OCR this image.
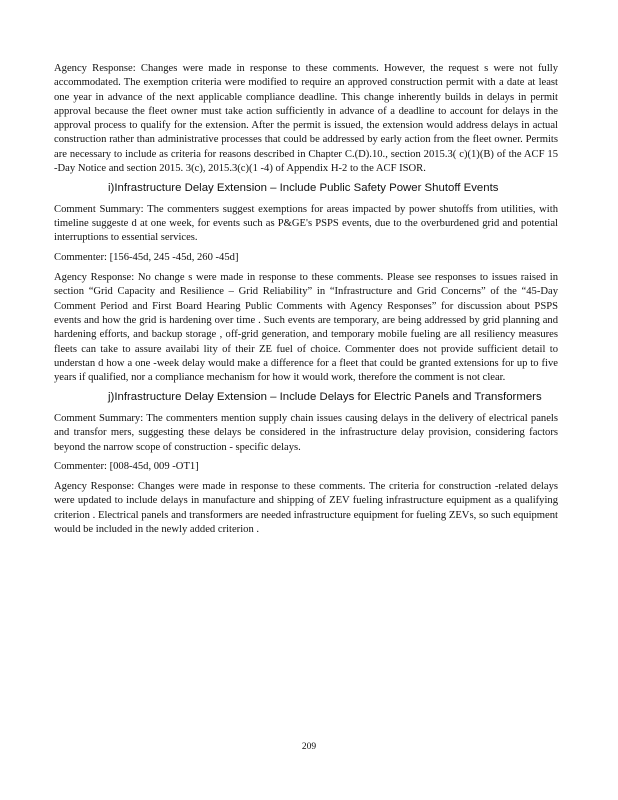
Agency Response: Changes were made in response to these comments. However, the request s were not fully accommodated. The exemption criteria were modified to require an approved construction permit with a date at least one year in advance of the next applicable compliance deadline. This change inherently builds in delays in permit approval because the fleet owner must take action sufficiently in advance of a deadline to account for delays in the approval process to qualify for the extension. After the permit is issued, the extension would address delays in actual construction rather than administrative processes that could be addressed by early action from the fleet owner. Permits are necessary to include as criteria for reasons described in Chapter C.(D).10., section 2015.3( c)(1)(B) of the ACF 15 -Day Notice and section 2015. 3(c), 2015.3(c)(1 -4) of Appendix H-2 to the ACF ISOR.

i)Infrastructure Delay Extension – Include Public Safety Power Shutoff Events

Comment Summary: The commenters suggest exemptions for areas impacted by power shutoffs from utilities, with timeline suggeste d at one week, for events such as P&GE's PSPS events, due to the overburdened grid and potential interruptions to essential services.

Commenter: [156-45d, 245 -45d, 260 -45d]

Agency Response: No change s were made in response to these comments. Please see responses to issues raised in section “Grid Capacity and Resilience – Grid Reliability” in “Infrastructure and Grid Concerns” of the “45-Day Comment Period and First Board Hearing Public Comments with Agency Responses” for discussion about PSPS events and how the grid is hardening over time . Such events are temporary, are being addressed by grid planning and hardening efforts, and backup storage , off-grid generation, and temporary mobile fueling are all resiliency measures fleets can take to assure availabi lity of their ZE fuel of choice. Commenter does not provide sufficient detail to understan d how a one -week delay would make a difference for a fleet that could be granted extensions for up to five years if qualified, nor a compliance mechanism for how it would work, therefore the comment is not clear.

j)Infrastructure Delay Extension – Include Delays for Electric Panels and Transformers

Comment Summary: The commenters mention supply chain issues causing delays in the delivery of electrical panels and transfor mers, suggesting these delays be considered in the infrastructure delay provision, considering factors beyond the narrow scope of construction - specific delays.

Commenter: [008-45d, 009 -OT1]

Agency Response: Changes were made in response to these comments. The criteria for construction -related delays were updated to include delays in manufacture and shipping of ZEV fueling infrastructure equipment as a qualifying criterion . Electrical panels and transformers are needed infrastructure equipment for fueling ZEVs, so such equipment would be included in the newly added criterion .

209
